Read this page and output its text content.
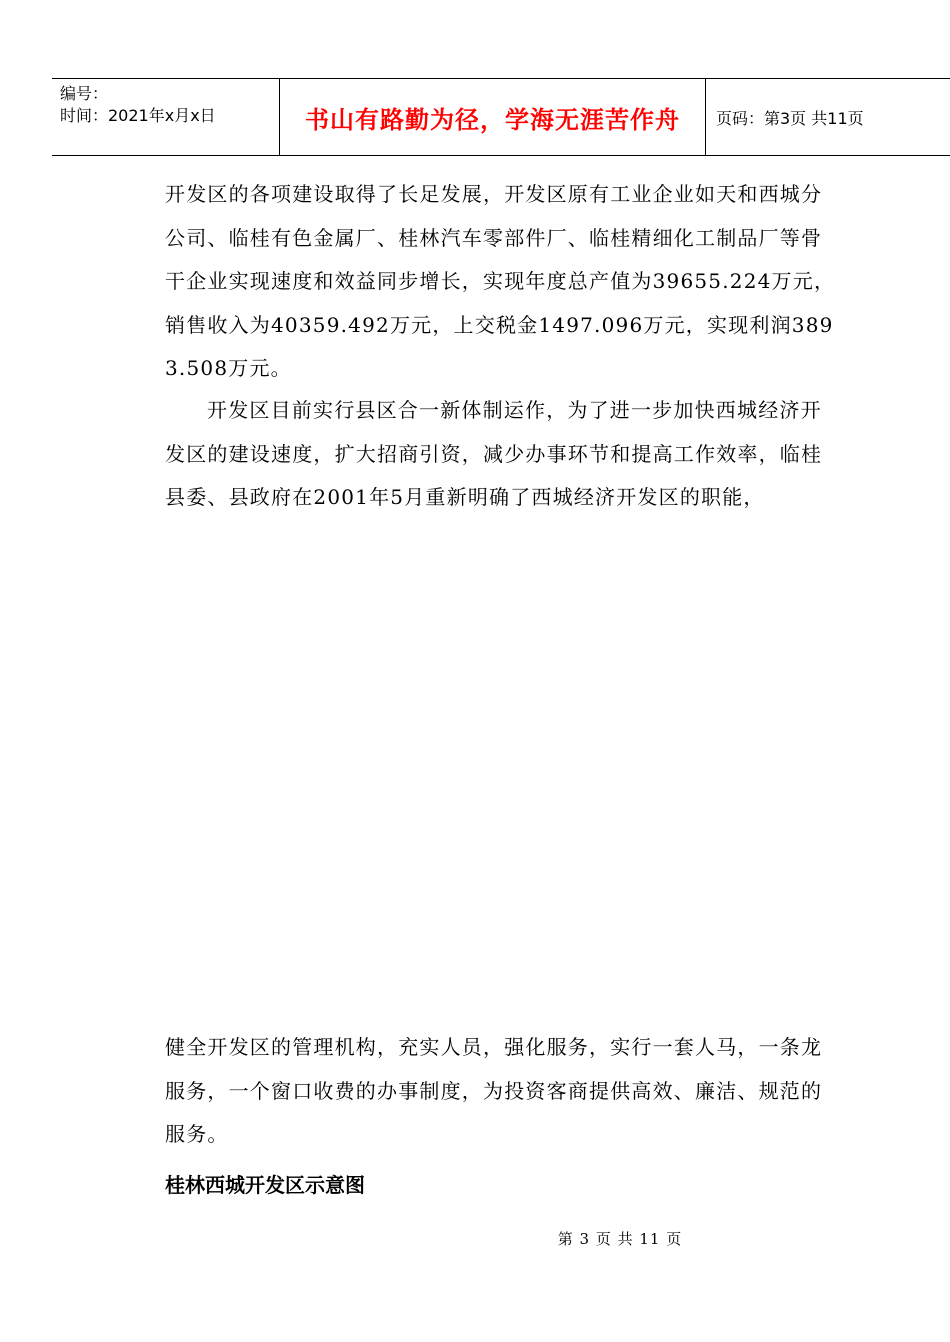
编号：
时间：2021年x月x日	书山有路勤为径，学海无涯苦作舟	页码：第3页 共11页

开发区的各项建设取得了长足发展，开发区原有工业企业如天和西城分公司、临桂有色金属厂、桂林汽车零部件厂、临桂精细化工制品厂等骨干企业实现速度和效益同步增长，实现年度总产值为39655.224万元，销售收入为40359.492万元，上交税金1497.096万元，实现利润3893.508万元。

开发区目前实行县区合一新体制运作，为了进一步加快西城经济开发区的建设速度，扩大招商引资，减少办事环节和提高工作效率，临桂县委、县政府在2001年5月重新明确了西城经济开发区的职能，

健全开发区的管理机构，充实人员，强化服务，实行一套人马，一条龙服务，一个窗口收费的办事制度，为投资客商提供高效、廉洁、规范的服务。

桂林西城开发区示意图

第 3 页 共 11 页
